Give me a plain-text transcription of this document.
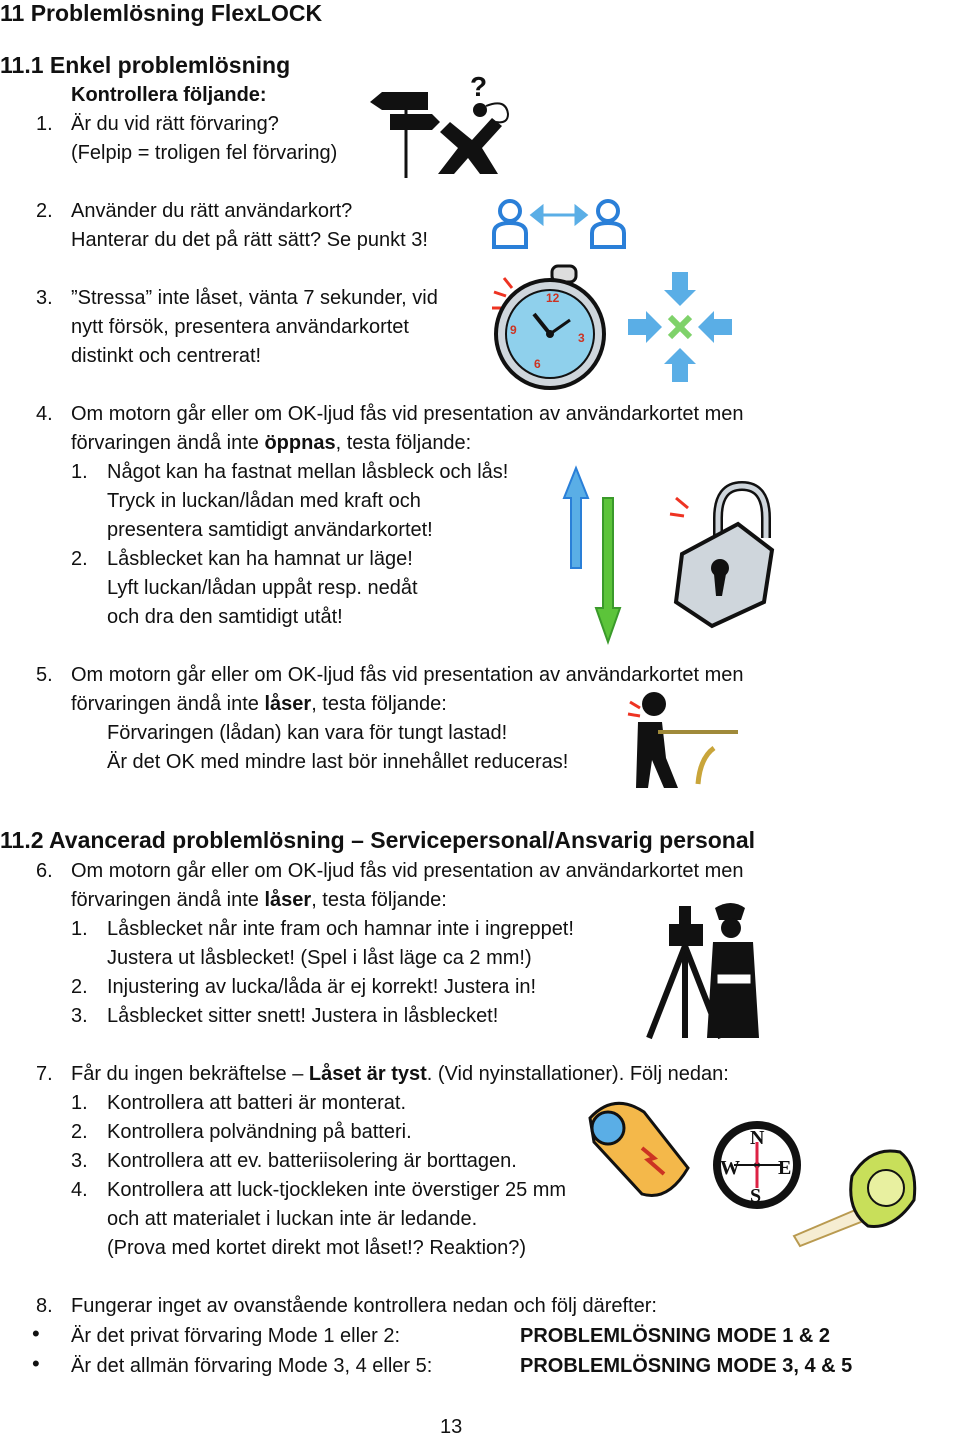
11 Problemlösning FlexLOCK
11.1 Enkel problemlösning
Kontrollera följande:
1. Är du vid rätt förvaring?
(Felpip = troligen fel förvaring)
2. Använder du rätt användarkort?
Hanterar du det på rätt sätt? Se punkt 3!
3. ”Stressa” inte låset, vänta 7 sekunder, vid
nytt försök, presentera användarkortet
distinkt och centrerat!
4. Om motorn går eller om OK-ljud fås vid presentation av användarkortet men
förvaringen ändå inte öppnas, testa följande:
1. Något kan ha fastnat mellan låsbleck och lås!
Tryck in luckan/lådan med kraft och
presentera samtidigt användarkortet!
2. Låsblecket kan ha hamnat ur läge!
Lyft luckan/lådan uppåt resp. nedåt
och dra den samtidigt utåt!
5. Om motorn går eller om OK-ljud fås vid presentation av användarkortet men
förvaringen ändå inte låser, testa följande:
Förvaringen (lådan) kan vara för tungt lastad!
Är det OK med mindre last bör innehållet reduceras!
11.2 Avancerad problemlösning – Servicepersonal/Ansvarig personal
6. Om motorn går eller om OK-ljud fås vid presentation av användarkortet men
förvaringen ändå inte låser, testa följande:
1. Låsblecket når inte fram och hamnar inte i ingreppet!
Justera ut låsblecket! (Spel i låst läge ca 2 mm!)
2. Injustering av lucka/låda är ej korrekt! Justera in!
3. Låsblecket sitter snett! Justera in låsblecket!
7. Får du ingen bekräftelse – Låset är tyst. (Vid nyinstallationer). Följ nedan:
1. Kontrollera att batteri är monterat.
2. Kontrollera polvändning på batteri.
3. Kontrollera att ev. batteriisolering är borttagen.
4. Kontrollera att luck-tjockleken inte överstiger 25 mm
och att materialet i luckan inte är ledande.
(Prova med kortet direkt mot låset!? Reaktion?)
8. Fungerar inget av ovanstående kontrollera nedan och följ därefter:
• Är det privat förvaring Mode 1 eller 2:	PROBLEMLÖSNING MODE 1 & 2
• Är det allmän förvaring Mode 3, 4 eller 5:	PROBLEMLÖSNING MODE 3, 4 & 5
13
?
12
3
6
9
N
S
W E
